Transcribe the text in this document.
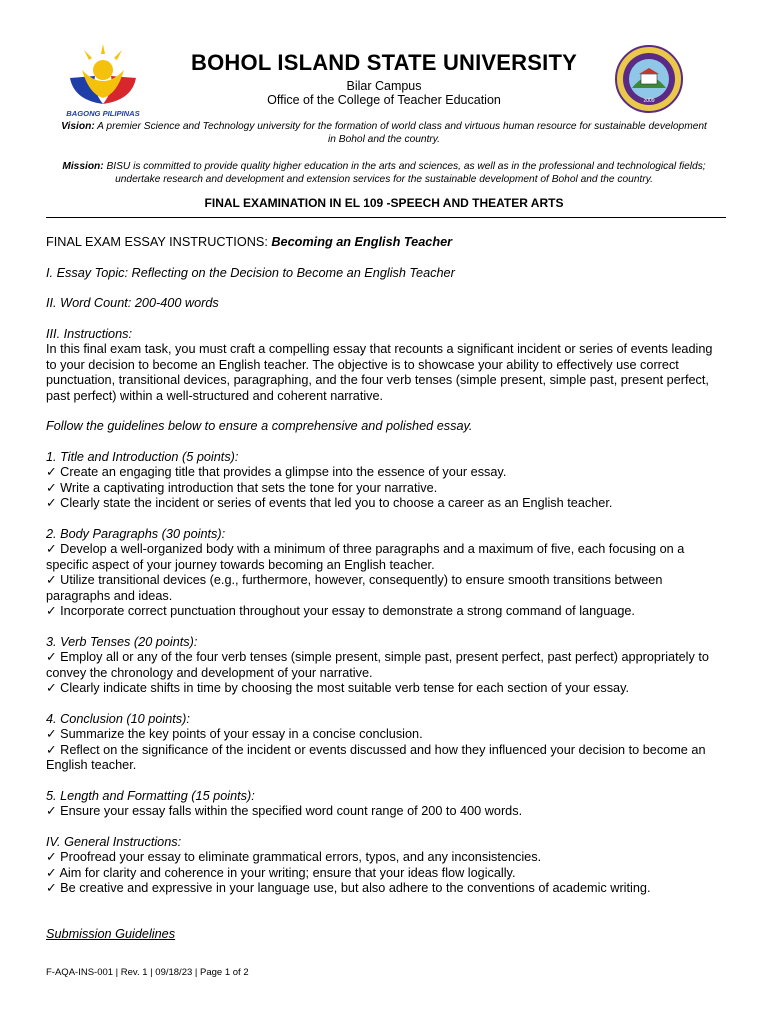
BAGONG PILIPINAS
2009
BOHOL ISLAND STATE UNIVERSITY
Bilar Campus
Office of the College of Teacher Education
Vision: A premier Science and Technology university for the formation of world class and virtuous human resource for sustainable development in Bohol and the country.
Mission: BISU is committed to provide quality higher education in the arts and sciences, as well as in the professional and technological fields; undertake research and development and extension services for the sustainable development of Bohol and the country.
FINAL EXAMINATION IN EL 109 -SPEECH AND THEATER ARTS

FINAL EXAM ESSAY INSTRUCTIONS: Becoming an English Teacher

I. Essay Topic: Reflecting on the Decision to Become an English Teacher

II. Word Count: 200-400 words

III. Instructions:

In this final exam task, you must craft a compelling essay that recounts a significant incident or series of events leading to your decision to become an English teacher. The objective is to showcase your ability to effectively use correct punctuation, transitional devices, paragraphing, and the four verb tenses (simple present, simple past, present perfect, past perfect) within a well-structured and coherent narrative.

Follow the guidelines below to ensure a comprehensive and polished essay.

1. Title and Introduction (5 points):

✓ Create an engaging title that provides a glimpse into the essence of your essay.

✓ Write a captivating introduction that sets the tone for your narrative.

✓ Clearly state the incident or series of events that led you to choose a career as an English teacher.

2. Body Paragraphs (30 points):

✓ Develop a well-organized body with a minimum of three paragraphs and a maximum of five, each focusing on a specific aspect of your journey towards becoming an English teacher.

✓ Utilize transitional devices (e.g., furthermore, however, consequently) to ensure smooth transitions between paragraphs and ideas.

✓ Incorporate correct punctuation throughout your essay to demonstrate a strong command of language.

3. Verb Tenses (20 points):

✓ Employ all or any of the four verb tenses (simple present, simple past, present perfect, past perfect) appropriately to convey the chronology and development of your narrative.

✓ Clearly indicate shifts in time by choosing the most suitable verb tense for each section of your essay.

4. Conclusion (10 points):

✓ Summarize the key points of your essay in a concise conclusion.

✓ Reflect on the significance of the incident or events discussed and how they influenced your decision to become an English teacher.

5. Length and Formatting (15 points):

✓ Ensure your essay falls within the specified word count range of 200 to 400 words.

IV. General Instructions:

✓ Proofread your essay to eliminate grammatical errors, typos, and any inconsistencies.

✓ Aim for clarity and coherence in your writing; ensure that your ideas flow logically.

✓ Be creative and expressive in your language use, but also adhere to the conventions of academic writing.

Submission Guidelines

F-AQA-INS-001 | Rev. 1 | 09/18/23 | Page 1 of 2
